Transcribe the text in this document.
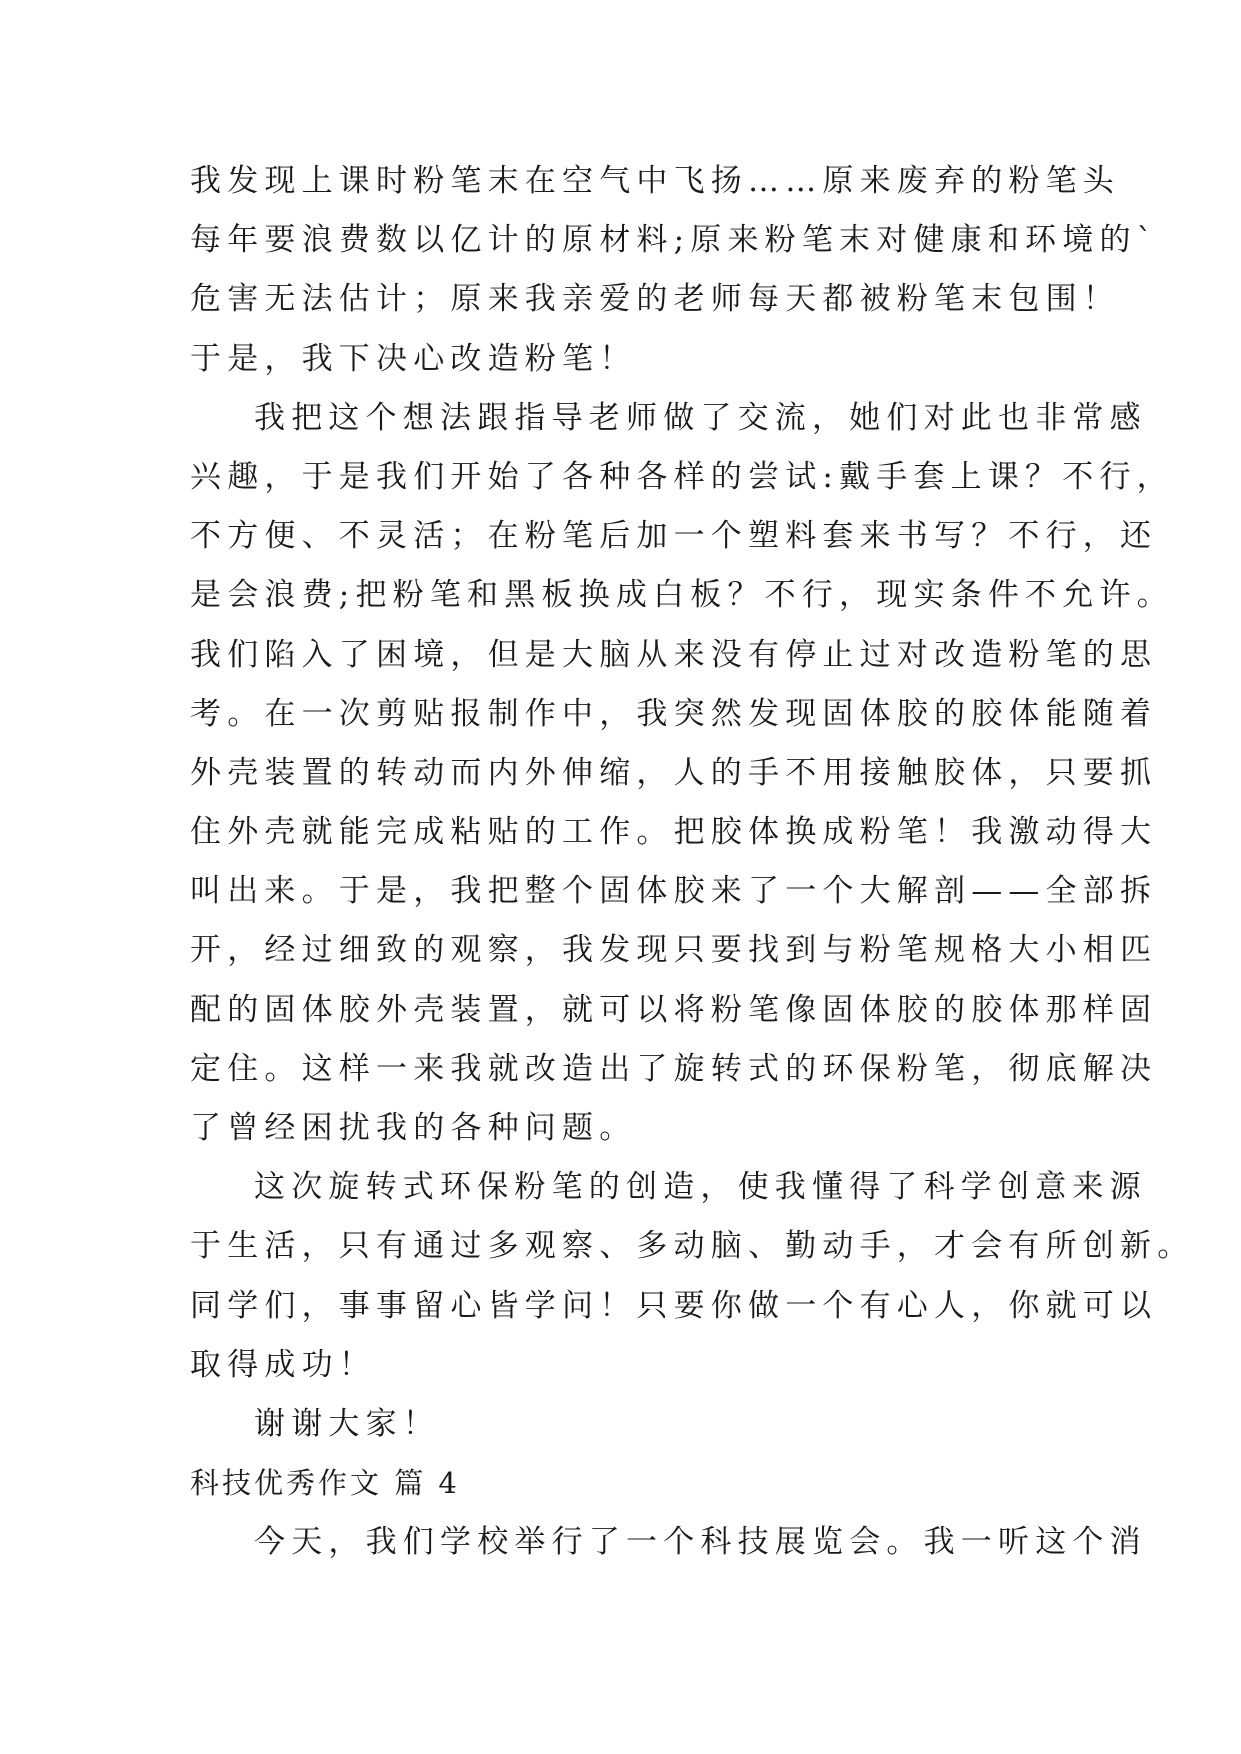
我发现上课时粉笔末在空气中飞扬……原来废弃的粉笔头
每年要浪费数以亿计的原材料;原来粉笔末对健康和环境的`
危害无法估计；原来我亲爱的老师每天都被粉笔末包围！
于是，我下决心改造粉笔！
我把这个想法跟指导老师做了交流，她们对此也非常感
兴趣，于是我们开始了各种各样的尝试:戴手套上课？不行，
不方便、不灵活；在粉笔后加一个塑料套来书写？不行，还
是会浪费;把粉笔和黑板换成白板？不行，现实条件不允许。
我们陷入了困境，但是大脑从来没有停止过对改造粉笔的思
考。在一次剪贴报制作中，我突然发现固体胶的胶体能随着
外壳装置的转动而内外伸缩，人的手不用接触胶体，只要抓
住外壳就能完成粘贴的工作。把胶体换成粉笔！我激动得大
叫出来。于是，我把整个固体胶来了一个大解剖——全部拆
开，经过细致的观察，我发现只要找到与粉笔规格大小相匹
配的固体胶外壳装置，就可以将粉笔像固体胶的胶体那样固
定住。这样一来我就改造出了旋转式的环保粉笔，彻底解决
了曾经困扰我的各种问题。
这次旋转式环保粉笔的创造，使我懂得了科学创意来源
于生活，只有通过多观察、多动脑、勤动手，才会有所创新。
同学们，事事留心皆学问！只要你做一个有心人，你就可以
取得成功！
谢谢大家！
科技优秀作文 篇 4
今天，我们学校举行了一个科技展览会。我一听这个消
